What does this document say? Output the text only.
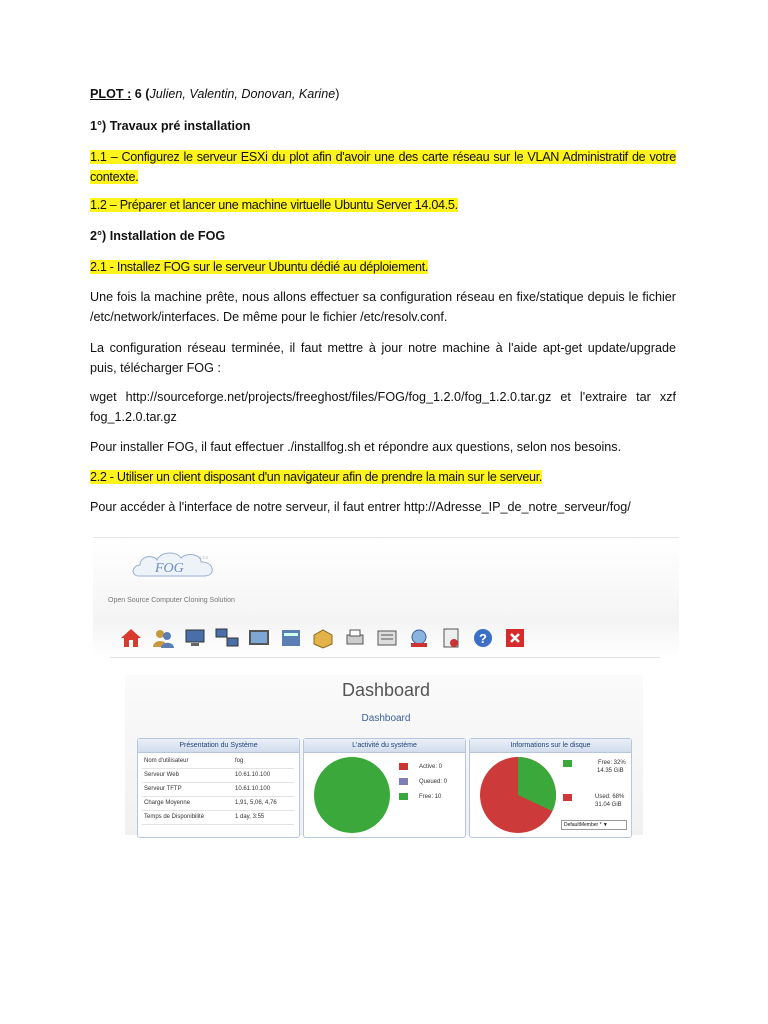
PLOT : 6 (Julien, Valentin, Donovan, Karine)

1°) Travaux pré installation

1.1 – Configurez le serveur ESXi du plot afin d'avoir une des carte réseau sur le VLAN Administratif de votre contexte.

1.2 – Préparer et lancer une machine virtuelle Ubuntu Server 14.04.5.

2°) Installation de FOG

2.1 - Installez FOG sur le serveur Ubuntu dédié au déploiement.

Une fois la machine prête, nous allons effectuer sa configuration réseau en fixe/statique depuis le fichier /etc/network/interfaces. De même pour le fichier /etc/resolv.conf.

La configuration réseau terminée, il faut mettre à jour notre machine à l'aide apt-get update/upgrade puis, télécharger FOG :

wget http://sourceforge.net/projects/freeghost/files/FOG/fog_1.2.0/fog_1.2.0.tar.gz et l'extraire tar xzf fog_1.2.0.tar.gz

Pour installer FOG, il faut effectuer ./installfog.sh et répondre aux questions, selon nos besoins.

2.2 - Utiliser un client disposant d'un navigateur afin de prendre la main sur le serveur.

Pour accéder à l'interface de notre serveur, il faut entrer http://Adresse_IP_de_notre_serveur/fog/

FOG
1.2.0
Open Source Computer Cloning Solution
?
Dashboard
Dashboard
Présentation du Système
Nom d'utilisateur	fog
Serveur Web	10.61.10.100
Serveur TFTP	10.61.10.100
Charge Moyenne	1,91, 5,06, 4,76
Temps de Disponibilité	1 day, 3:55
L'activité du système
Active: 0
Queued: 0
Free: 10
Informations sur le disque
Free: 32%
14.35 GiB
Used: 68%
31.04 GiB
DefaultMember * ▼
